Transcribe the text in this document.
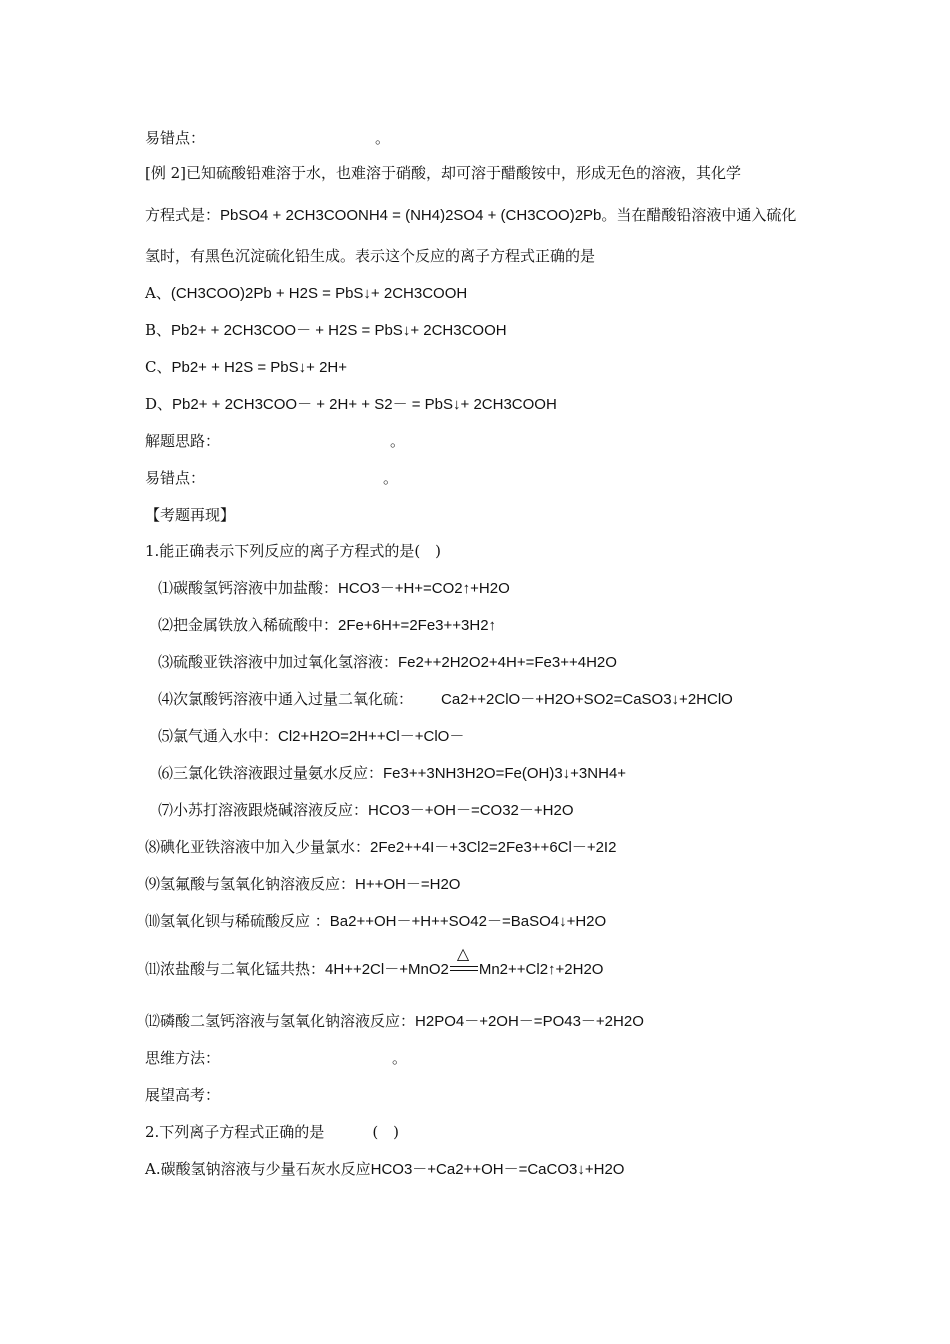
易错点：	。
[例 2]已知硫酸铅难溶于水，也难溶于硝酸，却可溶于醋酸铵中，形成无色的溶液，其化学
方程式是：PbSO4 + 2CH3COONH4 = (NH4)2SO4 + (CH3COO)2Pb。当在醋酸铅溶液中通入硫化
氢时，有黑色沉淀硫化铅生成。表示这个反应的离子方程式正确的是
A、(CH3COO)2Pb + H2S = PbS↓+ 2CH3COOH
B、Pb2+ + 2CH3COO－ + H2S = PbS↓+ 2CH3COOH
C、Pb2+ + H2S = PbS↓+ 2H+
D、Pb2+ + 2CH3COO－ + 2H+ + S2－ = PbS↓+ 2CH3COOH
解题思路：	。
易错点：	。
【考题再现】
1.能正确表示下列反应的离子方程式的是(　)
⑴碳酸氢钙溶液中加盐酸：HCO3－+H+=CO2↑+H2O
⑵把金属铁放入稀硫酸中：2Fe+6H+=2Fe3++3H2↑
⑶硫酸亚铁溶液中加过氧化氢溶液：Fe2++2H2O2+4H+=Fe3++4H2O
⑷次氯酸钙溶液中通入过量二氧化硫： Ca2++2ClO－+H2O+SO2=CaSO3↓+2HClO
⑸氯气通入水中：Cl2+H2O=2H++Cl－+ClO－
⑹三氯化铁溶液跟过量氨水反应：Fe3++3NH3H2O=Fe(OH)3↓+3NH4+
⑺小苏打溶液跟烧碱溶液反应：HCO3－+OH－=CO32－+H2O
⑻碘化亚铁溶液中加入少量氯水：2Fe2++4I－+3Cl2=2Fe3++6Cl－+2I2
⑼氢氟酸与氢氧化钠溶液反应：H++OH－=H2O
⑽氢氧化钡与稀硫酸反应 ：Ba2++OH－+H++SO42－=BaSO4↓+H2O
⑾浓盐酸与二氧化锰共热：4H++2Cl－+MnO2
△
Mn2++Cl2↑+2H2O
⑿磷酸二氢钙溶液与氢氧化钠溶液反应：H2PO4－+2OH－=PO43－+2H2O
思维方法：	。
展望高考：
2.下列离子方程式正确的是	(　)
A.碳酸氢钠溶液与少量石灰水反应HCO3－+Ca2++OH－=CaCO3↓+H2O
